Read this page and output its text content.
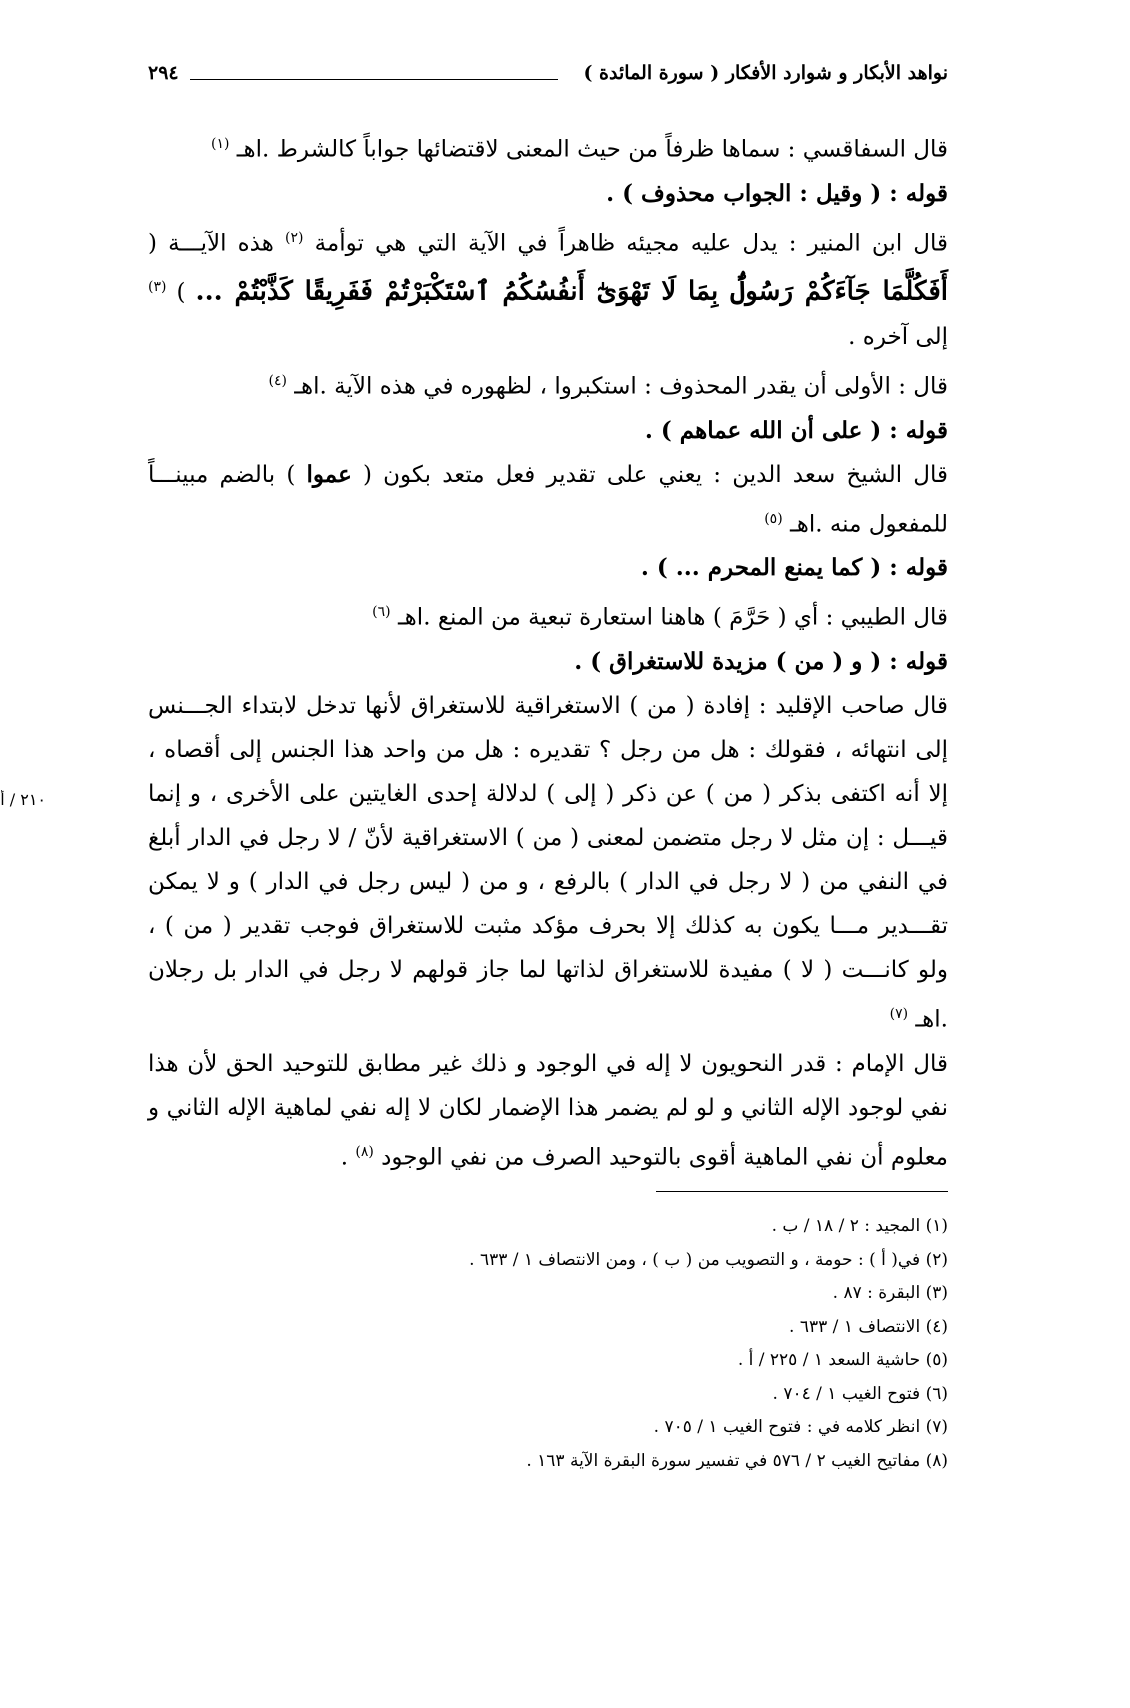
نواهد الأبكار و شوارد الأفكار ( سورة المائدة )
٢٩٤
٢١٠ / أ

قال السفاقسي : سماها ظرفاً من حيث المعنى لاقتضائها جواباً كالشرط .اهـ $^{(١)}$

قوله : ( وقيل : الجواب محذوف ) .

قال ابن المنير : يدل عليه مجيئه ظاهراً في الآية التي هي توأمة $^{(٢)}$ هذه الآيـــة ( أَفَكُلَّمَا جَآءَكُمْ رَسُولٌۢ بِمَا لَا تَهْوَىٰٓ أَنفُسُكُمُ ٱسْتَكْبَرْتُمْ فَفَرِيقًا كَذَّبْتُمْ ... ) $^{(٣)}$ إلى آخره .

قال : الأولى أن يقدر المحذوف : استكبروا ، لظهوره في هذه الآية .اهـ $^{(٤)}$

قوله : ( على أن الله عماهم ) .

قال الشيخ سعد الدين : يعني على تقدير فعل متعد بكون ( عموا ) بالضم مبينـــاً للمفعول منه .اهـ $^{(٥)}$

قوله : ( كما يمنع المحرم ... ) .

قال الطيبي : أي ( حَرَّمَ ) هاهنا استعارة تبعية من المنع .اهـ $^{(٦)}$

قوله : ( و ( من ) مزيدة للاستغراق ) .

قال صاحب الإقليد : إفادة ( من ) الاستغراقية للاستغراق لأنها تدخل لابتداء الجـــنس إلى انتهائه ، فقولك : هل من رجل ؟ تقديره : هل من واحد هذا الجنس إلى أقصاه ، إلا أنه اكتفى بذكر ( من ) عن ذكر ( إلى ) لدلالة إحدى الغايتين على الأخرى ، و إنما قيـــل : إن مثل لا رجل متضمن لمعنى ( من ) الاستغراقية لأنّ / لا رجل في الدار أبلغ في النفي من ( لا رجل في الدار ) بالرفع ، و من ( ليس رجل في الدار ) و لا يمكن تقـــدير مـــا يكون به كذلك إلا بحرف مؤكد مثبت للاستغراق فوجب تقدير ( من ) ، ولو كانـــت ( لا ) مفيدة للاستغراق لذاتها لما جاز قولهم لا رجل في الدار بل رجلان .اهـ $^{(٧)}$

قال الإمام : قدر النحويون لا إله في الوجود و ذلك غير مطابق للتوحيد الحق لأن هذا نفي لوجود الإله الثاني و لو لم يضمر هذا الإضمار لكان لا إله نفي لماهية الإله الثاني و معلوم أن نفي الماهية أقوى بالتوحيد الصرف من نفي الوجود $^{(٨)}$ .

(١) المجيد : ٢ / ١٨ / ب .

(٢) في( أ ) : حومة ، و التصويب من ( ب ) ، ومن الانتصاف ١ / ٦٣٣ .

(٣) البقرة : ٨٧ .

(٤) الانتصاف ١ / ٦٣٣ .

(٥) حاشية السعد ١ / ٢٢٥ / أ .

(٦) فتوح الغيب ١ / ٧٠٤ .

(٧) انظر كلامه في : فتوح الغيب ١ / ٧٠٥ .

(٨) مفاتيح الغيب ٢ / ٥٧٦ في تفسير سورة البقرة الآية ١٦٣ .
